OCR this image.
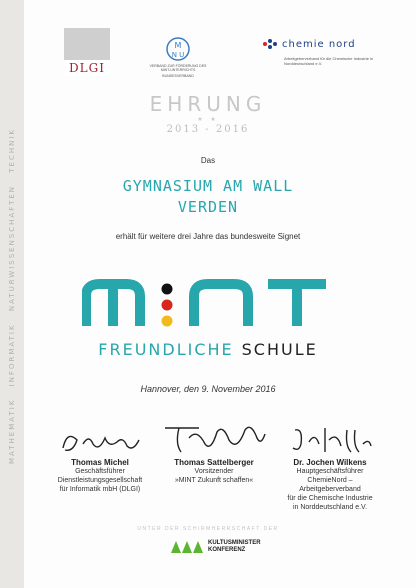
MATHEMATIK INFORMATIK NATURWISSENSCHAFTEN TECHNIK
DLGI
M
N U
VERBAND ZUR FÖRDERUNG DES MINT-UNTERRICHTS
BUNDESVERBAND
chemie nord
Arbeitgeberverband für die Chemische Industrie in Norddeutschland e.V.
EHRUNG
★ ★
2013 - 2016
Das
GYMNASIUM AM WALL
VERDEN
erhält für weitere drei Jahre das bundesweite Signet
FREUNDLICHE SCHULE
Hannover, den 9. November 2016
Thomas Michel
Geschäftsführer
Dienstleistungsgesellschaft
für Informatik mbH (DLGI)
Thomas Sattelberger
Vorsitzender
»MINT Zukunft schaffen«
Dr. Jochen Wilkens
Hauptgeschäftsführer
ChemieNord –
Arbeitgeberverband
für die Chemische Industrie
in Norddeutschland e.V.
UNTER DER SCHIRMHERRSCHAFT DER
KULTUSMINISTER
KONFERENZ
